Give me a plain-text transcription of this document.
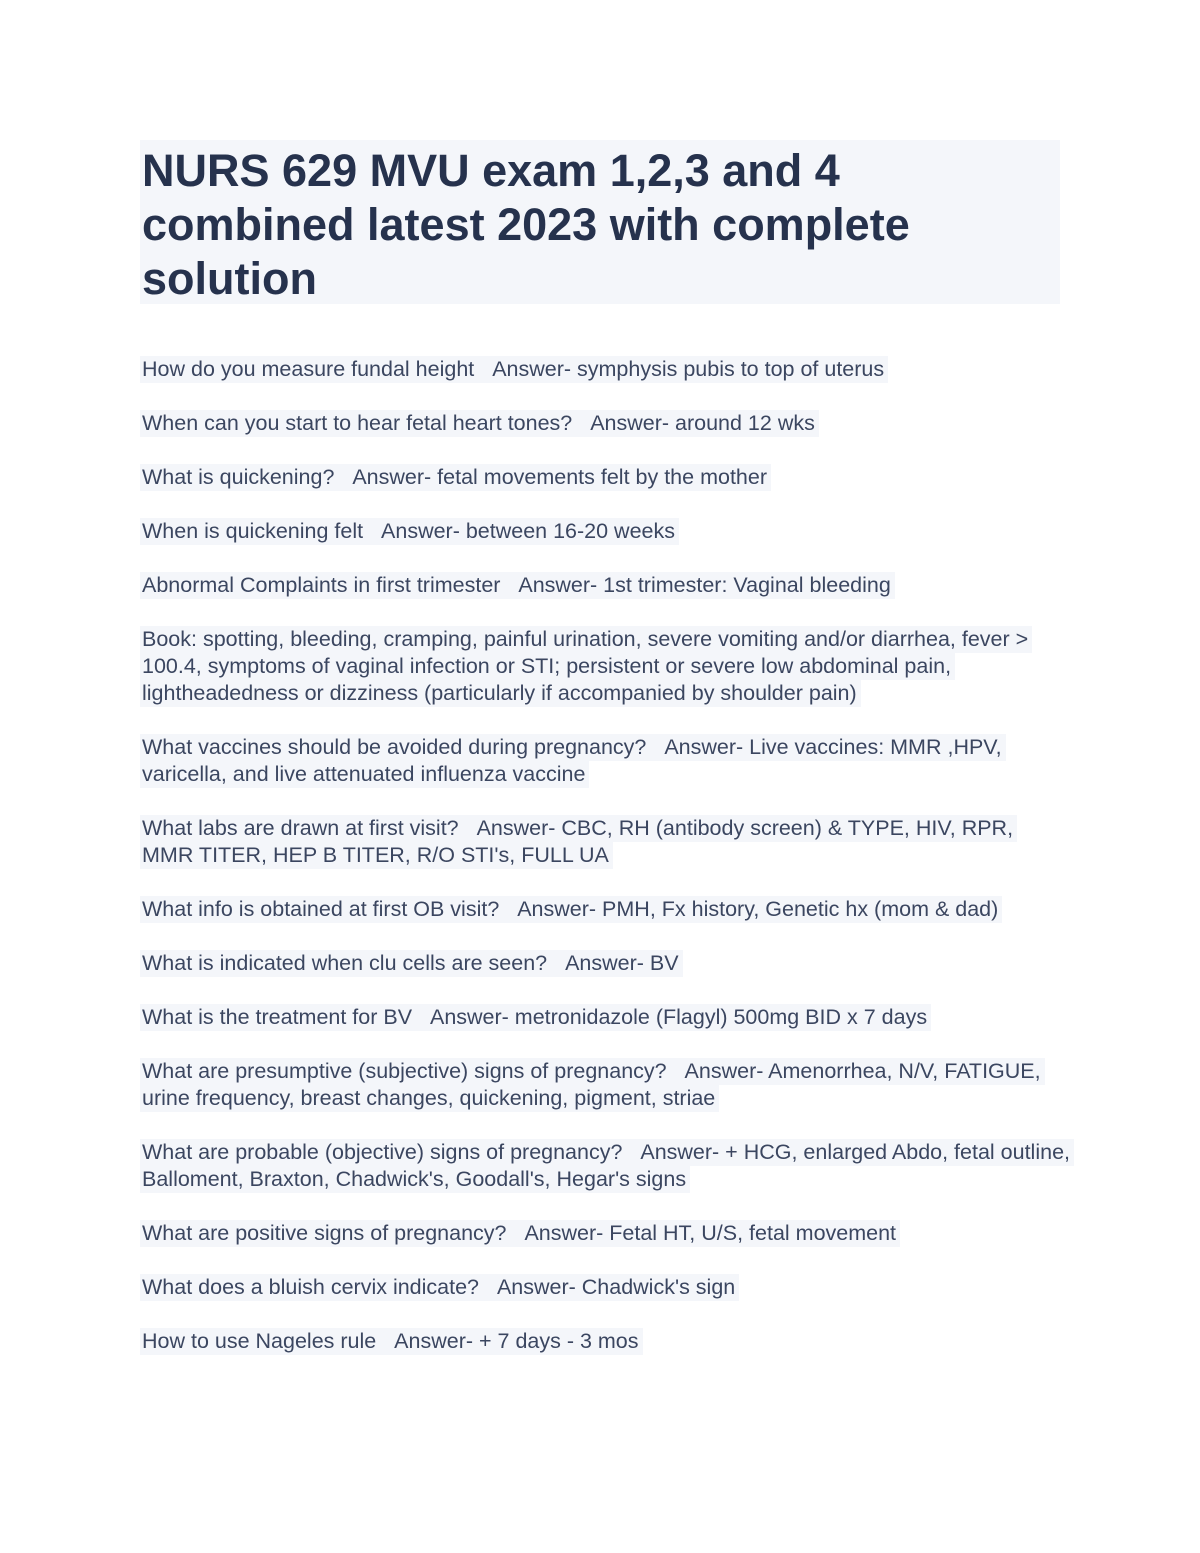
NURS 629 MVU exam 1,2,3 and 4 combined latest 2023 with complete solution

How do you measure fundal height Answer- symphysis pubis to top of uterus

When can you start to hear fetal heart tones? Answer- around 12 wks

What is quickening? Answer- fetal movements felt by the mother

When is quickening felt Answer- between 16-20 weeks

Abnormal Complaints in first trimester Answer- 1st trimester: Vaginal bleeding

Book: spotting, bleeding, cramping, painful urination, severe vomiting and/or diarrhea, fever > 100.4, symptoms of vaginal infection or STI; persistent or severe low abdominal pain, lightheadedness or dizziness (particularly if accompanied by shoulder pain)

What vaccines should be avoided during pregnancy? Answer- Live vaccines: MMR ,HPV, varicella, and live attenuated influenza vaccine

What labs are drawn at first visit? Answer- CBC, RH (antibody screen) & TYPE, HIV, RPR, MMR TITER, HEP B TITER, R/O STI's, FULL UA

What info is obtained at first OB visit? Answer- PMH, Fx history, Genetic hx (mom & dad)

What is indicated when clu cells are seen? Answer- BV

What is the treatment for BV Answer- metronidazole (Flagyl) 500mg BID x 7 days

What are presumptive (subjective) signs of pregnancy? Answer- Amenorrhea, N/V, FATIGUE, urine frequency, breast changes, quickening, pigment, striae

What are probable (objective) signs of pregnancy? Answer- + HCG, enlarged Abdo, fetal outline, Balloment, Braxton, Chadwick's, Goodall's, Hegar's signs

What are positive signs of pregnancy? Answer- Fetal HT, U/S, fetal movement

What does a bluish cervix indicate? Answer- Chadwick's sign

How to use Nageles rule Answer- + 7 days - 3 mos
